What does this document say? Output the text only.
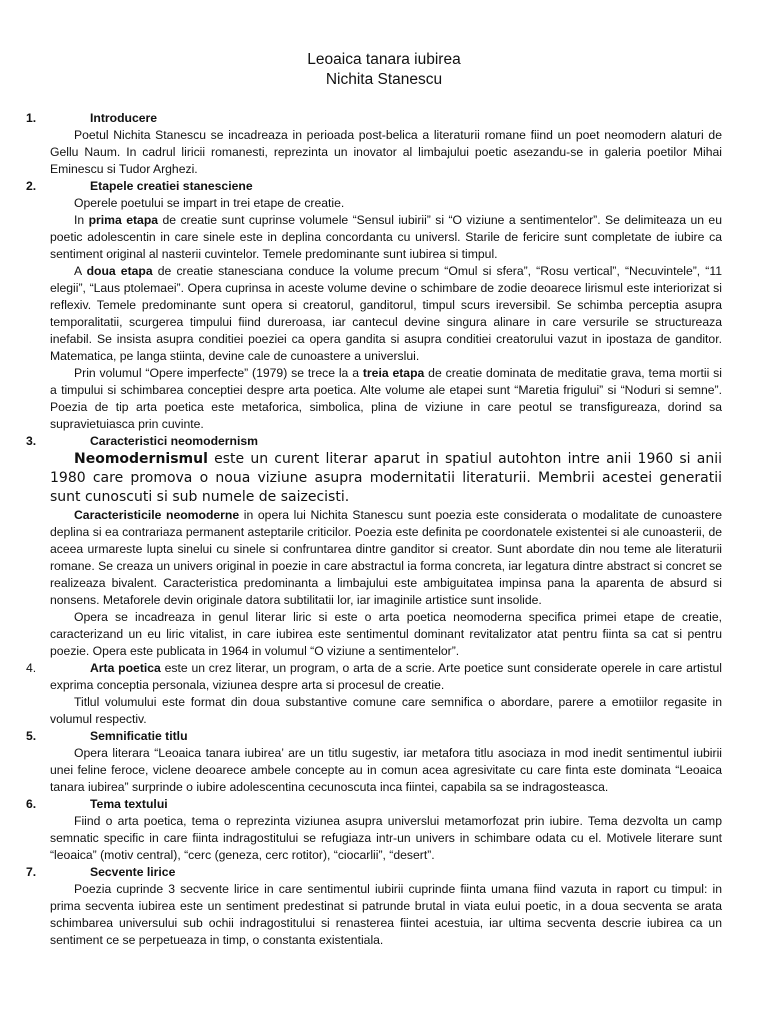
Leoaica tanara iubirea
Nichita Stanescu
1.	Introducere

Poetul Nichita Stanescu se incadreaza in perioada post-belica a literaturii romane fiind un poet neomodern alaturi de Gellu Naum. In cadrul liricii romanesti, reprezinta un inovator al limbajului poetic asezandu-se in galeria poetilor Mihai Eminescu si Tudor Arghezi.

2.	Etapele creatiei stanesciene

Operele poetului se impart in trei etape de creatie.

In prima etapa de creatie sunt cuprinse volumele “Sensul iubirii” si “O viziune a sentimentelor”. Se delimiteaza un eu poetic adolescentin in care sinele este in deplina concordanta cu universl. Starile de fericire sunt completate de iubire ca sentiment original al nasterii cuvintelor. Temele predominante sunt iubirea si timpul.

A doua etapa de creatie stanesciana conduce la volume precum “Omul si sfera”, “Rosu vertical”, “Necuvintele”, “11 elegii”, “Laus ptolemaei”. Opera cuprinsa in aceste volume devine o schimbare de zodie deoarece lirismul este interiorizat si reflexiv. Temele predominante sunt opera si creatorul, ganditorul, timpul scurs ireversibil. Se schimba perceptia asupra temporalitatii, scurgerea timpului fiind dureroasa, iar cantecul devine singura alinare in care versurile se structureaza inefabil. Se insista asupra conditiei poeziei ca opera gandita si asupra conditiei creatorului vazut in ipostaza de ganditor. Matematica, pe langa stiinta, devine cale de cunoastere a universlui.

Prin volumul “Opere imperfecte” (1979) se trece la a treia etapa de creatie dominata de meditatie grava, tema mortii si a timpului si schimbarea conceptiei despre arta poetica. Alte volume ale etapei sunt “Maretia frigului” si “Noduri si semne”. Poezia de tip arta poetica este metaforica, simbolica, plina de viziune in care peotul se transfigureaza, dorind sa supravietuiasca prin cuvinte.

3.	Caracteristici neomodernism

Neomodernismul este un curent literar aparut in spatiul autohton intre anii 1960 si anii 1980 care promova o noua viziune asupra modernitatii literaturii. Membrii acestei generatii sunt cunoscuti si sub numele de saizecisti.

Caracteristicile neomoderne in opera lui Nichita Stanescu sunt poezia este considerata o modalitate de cunoastere deplina si ea contrariaza permanent asteptarile criticilor. Poezia este definita pe coordonatele existentei si ale cunoasterii, de aceea urmareste lupta sinelui cu sinele si confruntarea dintre ganditor si creator. Sunt abordate din nou teme ale literaturii romane. Se creaza un univers original in poezie in care abstractul ia forma concreta, iar legatura dintre abstract si concret se realizeaza bivalent. Caracteristica predominanta a limbajului este ambiguitatea impinsa pana la aparenta de absurd si nonsens. Metaforele devin originale datora subtilitatii lor, iar imaginile artistice sunt insolide.

Opera se incadreaza in genul literar liric si este o arta poetica neomoderna specifica primei etape de creatie, caracterizand un eu liric vitalist, in care iubirea este sentimentul dominant revitalizator atat pentru fiinta sa cat si pentru poezie. Opera este publicata in 1964 in volumul “O viziune a sentimentelor”.

4.	Arta poetica este un crez literar, un program, o arta de a scrie. Arte poetice sunt considerate operele in care artistul exprima conceptia personala, viziunea despre arta si procesul de creatie.

Titlul volumului este format din doua substantive comune care semnifica o abordare, parere a emotiilor regasite in volumul respectiv.

5.	Semnificatie titlu

Opera literara “Leoaica tanara iubirea’ are un titlu sugestiv, iar metafora titlu asociaza in mod inedit sentimentul iubirii unei feline feroce, viclene deoarece ambele concepte au in comun acea agresivitate cu care finta este dominata “Leoaica tanara iubirea” surprinde o iubire adolescentina cecunoscuta inca fiintei, capabila sa se indragosteasca.

6.	Tema textului

Fiind o arta poetica, tema o reprezinta viziunea asupra universlui metamorfozat prin iubire. Tema dezvolta un camp semnatic specific in care fiinta indragostitului se refugiaza intr-un univers in schimbare odata cu el. Motivele literare sunt “leoaica” (motiv central), “cerc (geneza, cerc rotitor), “ciocarlii”, “desert”.

7.	Secvente lirice

Poezia cuprinde 3 secvente lirice in care sentimentul iubirii cuprinde fiinta umana fiind vazuta in raport cu timpul: in prima secventa iubirea este un sentiment predestinat si patrunde brutal in viata eului poetic, in a doua secventa se arata schimbarea universului sub ochii indragostitului si renasterea fiintei acestuia, iar ultima secventa descrie iubirea ca un sentiment ce se perpetueaza in timp, o constanta existentiala.
